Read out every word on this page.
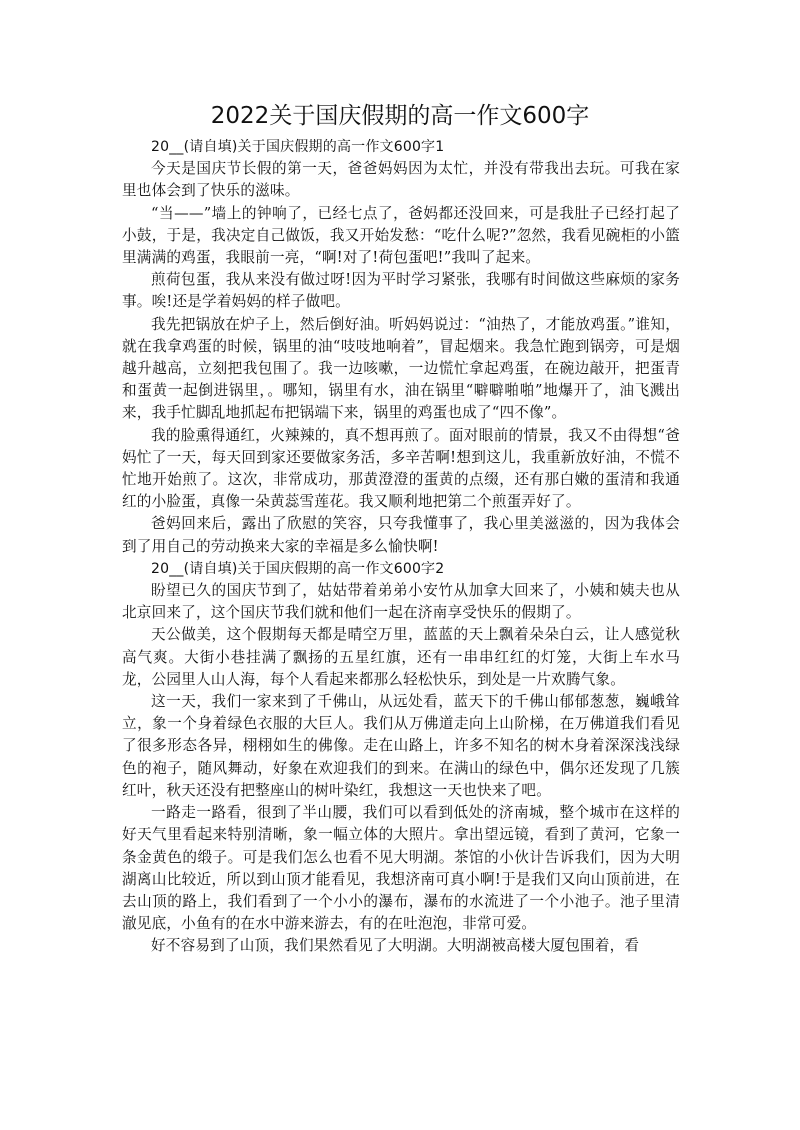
2022关于国庆假期的高一作文600字

20__(请自填)关于国庆假期的高一作文600字1

今天是国庆节长假的第一天，爸爸妈妈因为太忙，并没有带我出去玩。可我在家里也体会到了快乐的滋味。

“当——”墙上的钟响了，已经七点了，爸妈都还没回来，可是我肚子已经打起了小鼓，于是，我决定自己做饭，我又开始发愁：“吃什么呢?”忽然，我看见碗柜的小篮里满满的鸡蛋，我眼前一亮，“啊!对了!荷包蛋吧!”我叫了起来。

煎荷包蛋，我从来没有做过呀!因为平时学习紧张，我哪有时间做这些麻烦的家务事。唉!还是学着妈妈的样子做吧。

我先把锅放在炉子上，然后倒好油。听妈妈说过：“油热了，才能放鸡蛋。”谁知，就在我拿鸡蛋的时候，锅里的油“吱吱地响着”，冒起烟来。我急忙跑到锅旁，可是烟越升越高，立刻把我包围了。我一边咳嗽，一边慌忙拿起鸡蛋，在碗边敲开，把蛋青和蛋黄一起倒进锅里，。哪知，锅里有水，油在锅里“噼噼啪啪”地爆开了，油飞溅出来，我手忙脚乱地抓起布把锅端下来，锅里的鸡蛋也成了“四不像”。

我的脸熏得通红，火辣辣的，真不想再煎了。面对眼前的情景，我又不由得想“爸妈忙了一天，每天回到家还要做家务活，多辛苦啊!想到这儿，我重新放好油，不慌不忙地开始煎了。这次，非常成功，那黄澄澄的蛋黄的点缀，还有那白嫩的蛋清和我通红的小脸蛋，真像一朵黄蕊雪莲花。我又顺利地把第二个煎蛋弄好了。

爸妈回来后，露出了欣慰的笑容，只夸我懂事了，我心里美滋滋的，因为我体会到了用自己的劳动换来大家的幸福是多么愉快啊!

20__(请自填)关于国庆假期的高一作文600字2

盼望已久的国庆节到了，姑姑带着弟弟小安竹从加拿大回来了，小姨和姨夫也从北京回来了，这个国庆节我们就和他们一起在济南享受快乐的假期了。

天公做美，这个假期每天都是晴空万里，蓝蓝的天上飘着朵朵白云，让人感觉秋高气爽。大街小巷挂满了飘扬的五星红旗，还有一串串红红的灯笼，大街上车水马龙，公园里人山人海，每个人看起来都那么轻松快乐，到处是一片欢腾气象。

这一天，我们一家来到了千佛山，从远处看，蓝天下的千佛山郁郁葱葱，巍峨耸立，象一个身着绿色衣服的大巨人。我们从万佛道走向上山阶梯，在万佛道我们看见了很多形态各异，栩栩如生的佛像。走在山路上，许多不知名的树木身着深深浅浅绿色的袍子，随风舞动，好象在欢迎我们的到来。在满山的绿色中，偶尔还发现了几簇红叶，秋天还没有把整座山的树叶染红，我想这一天也快来了吧。

一路走一路看，很到了半山腰，我们可以看到低处的济南城，整个城市在这样的好天气里看起来特别清晰，象一幅立体的大照片。拿出望远镜，看到了黄河，它象一条金黄色的缎子。可是我们怎么也看不见大明湖。茶馆的小伙计告诉我们，因为大明湖离山比较近，所以到山顶才能看见，我想济南可真小啊!于是我们又向山顶前进，在去山顶的路上，我们看到了一个小小的瀑布，瀑布的水流进了一个小池子。池子里清澈见底，小鱼有的在水中游来游去，有的在吐泡泡，非常可爱。

好不容易到了山顶，我们果然看见了大明湖。大明湖被高楼大厦包围着，看
